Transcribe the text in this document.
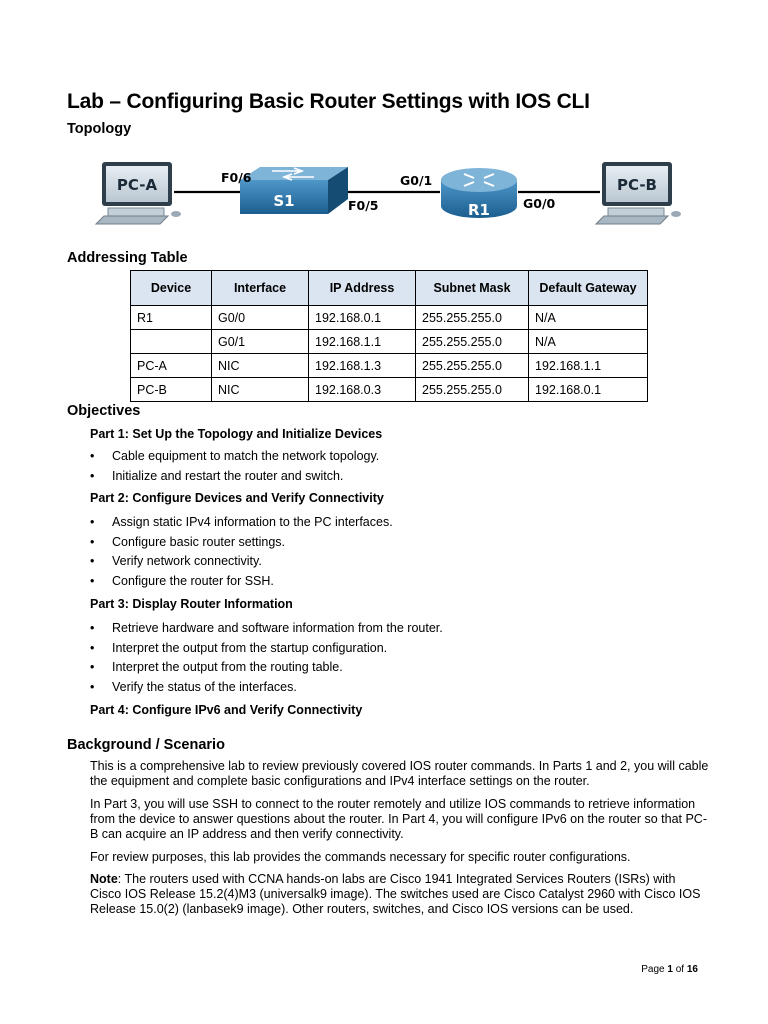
Lab – Configuring Basic Router Settings with IOS CLI
Topology
PC-A
S1	R1
PC-B
F0/6
F0/5
G0/1
G0/0
Addressing Table
Device	Interface	IP Address	Subnet Mask	Default Gateway
R1	G0/0	192.168.0.1	255.255.255.0	N/A
	G0/1	192.168.1.1	255.255.255.0	N/A
PC-A	NIC	192.168.1.3	255.255.255.0	192.168.1.1
PC-B	NIC	192.168.0.3	255.255.255.0	192.168.0.1
Objectives

Part 1: Set Up the Topology and Initialize Devices

• Cable equipment to match the network topology.
• Initialize and restart the router and switch.

Part 2: Configure Devices and Verify Connectivity

• Assign static IPv4 information to the PC interfaces.
• Configure basic router settings.
• Verify network connectivity.
• Configure the router for SSH.

Part 3: Display Router Information

• Retrieve hardware and software information from the router.
• Interpret the output from the startup configuration.
• Interpret the output from the routing table.
• Verify the status of the interfaces.

Part 4: Configure IPv6 and Verify Connectivity

Background / Scenario

This is a comprehensive lab to review previously covered IOS router commands. In Parts 1 and 2, you will cable the equipment and complete basic configurations and IPv4 interface settings on the router.

In Part 3, you will use SSH to connect to the router remotely and utilize IOS commands to retrieve information from the device to answer questions about the router. In Part 4, you will configure IPv6 on the router so that PC-B can acquire an IP address and then verify connectivity.

For review purposes, this lab provides the commands necessary for specific router configurations.

Note: The routers used with CCNA hands-on labs are Cisco 1941 Integrated Services Routers (ISRs) with Cisco IOS Release 15.2(4)M3 (universalk9 image). The switches used are Cisco Catalyst 2960 with Cisco IOS Release 15.0(2) (lanbasek9 image). Other routers, switches, and Cisco IOS versions can be used.

Page 1 of 16
